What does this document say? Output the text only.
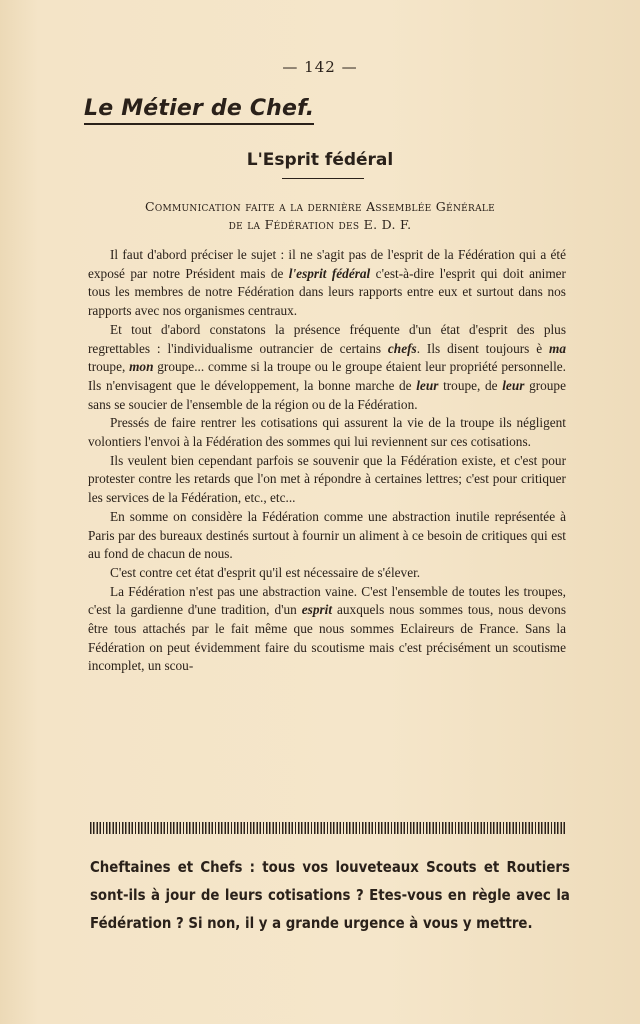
— 142 —
Le Métier de Chef.
L'Esprit fédéral
Communication faite a la dernière Assemblée Générale
de la Fédération des E. D. F.

Il faut d'abord préciser le sujet : il ne s'agit pas de l'esprit de la Fédération qui a été exposé par notre Président mais de l'esprit fédéral c'est-à-dire l'esprit qui doit animer tous les membres de notre Fédération dans leurs rapports entre eux et surtout dans nos rapports avec nos organismes centraux.

Et tout d'abord constatons la présence fréquente d'un état d'esprit des plus regrettables : l'individualisme outrancier de certains chefs. Ils disent toujours è ma troupe, mon groupe... comme si la troupe ou le groupe étaient leur propriété personnelle. Ils n'envisagent que le développement, la bonne marche de leur troupe, de leur groupe sans se soucier de l'ensemble de la région ou de la Fédération.

Pressés de faire rentrer les cotisations qui assurent la vie de la troupe ils négligent volontiers l'envoi à la Fédération des sommes qui lui reviennent sur ces cotisations.

Ils veulent bien cependant parfois se souvenir que la Fédération existe, et c'est pour protester contre les retards que l'on met à répondre à certaines lettres; c'est pour critiquer les services de la Fédération, etc., etc...

En somme on considère la Fédération comme une abstraction inutile représentée à Paris par des bureaux destinés surtout à fournir un aliment à ce besoin de critiques qui est au fond de chacun de nous.

C'est contre cet état d'esprit qu'il est nécessaire de s'élever.

La Fédération n'est pas une abstraction vaine. C'est l'ensemble de toutes les troupes, c'est la gardienne d'une tradition, d'un esprit auxquels nous sommes tous, nous devons être tous attachés par le fait même que nous sommes Eclaireurs de France. Sans la Fédération on peut évidemment faire du scoutisme mais c'est précisément un scoutisme incomplet, un scou-

Cheftaines et Chefs : tous vos louveteaux Scouts et Routiers sont-ils à jour de leurs cotisations ? Etes-vous en règle avec la Fédération ? Si non, il y a grande urgence à vous y mettre.
